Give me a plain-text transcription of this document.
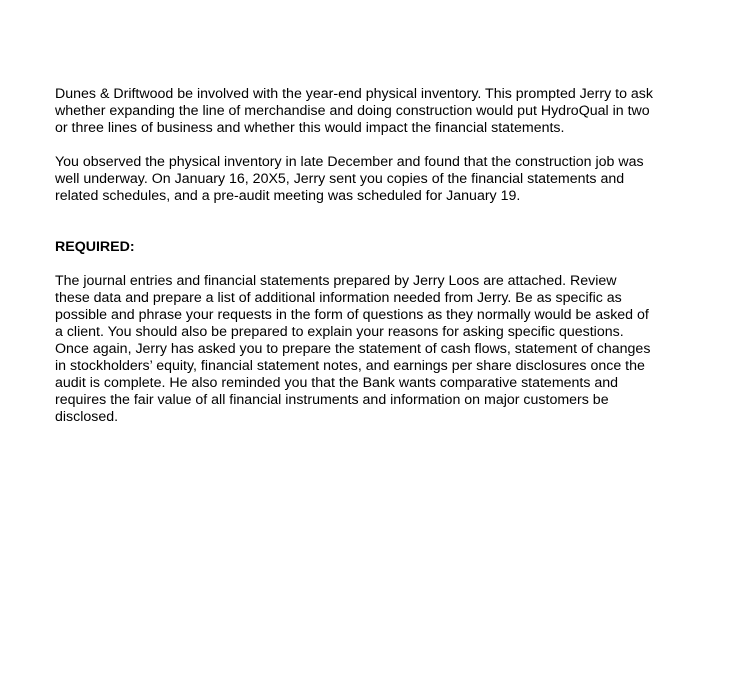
Dunes & Driftwood be involved with the year-end physical inventory. This prompted Jerry to ask
whether expanding the line of merchandise and doing construction would put HydroQual in two
or three lines of business and whether this would impact the financial statements.

You observed the physical inventory in late December and found that the construction job was
well underway. On January 16, 20X5, Jerry sent you copies of the financial statements and
related schedules, and a pre-audit meeting was scheduled for January 19.

REQUIRED:

The journal entries and financial statements prepared by Jerry Loos are attached. Review
these data and prepare a list of additional information needed from Jerry. Be as specific as
possible and phrase your requests in the form of questions as they normally would be asked of
a client. You should also be prepared to explain your reasons for asking specific questions.
Once again, Jerry has asked you to prepare the statement of cash flows, statement of changes
in stockholders’ equity, financial statement notes, and earnings per share disclosures once the
audit is complete. He also reminded you that the Bank wants comparative statements and
requires the fair value of all financial instruments and information on major customers be
disclosed.
